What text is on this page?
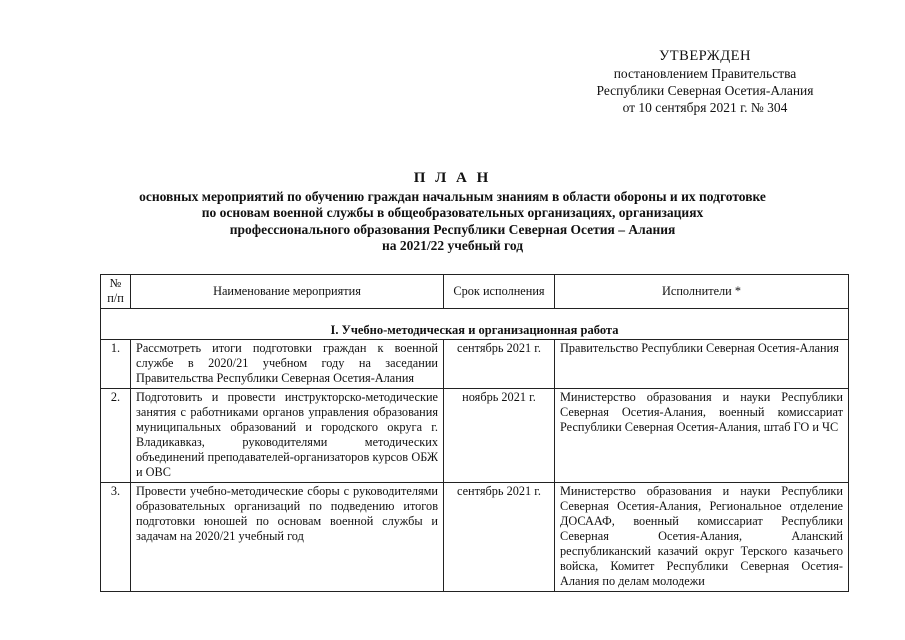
УТВЕРЖДЕН
постановлением Правительства
Республики Северная Осетия-Алания
от 10 сентября 2021 г. № 304
П Л А Н
основных мероприятий по обучению граждан начальным знаниям в области обороны и их подготовке
по основам военной службы в общеобразовательных организациях, организациях
профессионального образования Республики Северная Осетия – Алания
на 2021/22 учебный год
№ п/п	Наименование мероприятия	Срок исполнения	Исполнители *
I. Учебно-методическая и организационная работа			
1.	Рассмотреть итоги подготовки граждан к военной службе в 2020/21 учебном году на заседании Правительства Республики Северная Осетия-Алания	сентябрь 2021 г.	Правительство Республики Северная Осетия-Алания
2.	Подготовить и провести инструкторско-методические занятия с работниками органов управления образования муниципальных образований и городского округа г. Владикавказ, руководителями методических объединений преподавателей-организаторов курсов ОБЖ и ОВС	ноябрь 2021 г.	Министерство образования и науки Республики Северная Осетия-Алания, военный комиссариат Республики Северная Осетия-Алания, штаб ГО и ЧС
3.	Провести учебно-методические сборы с руководителями образовательных организаций по подведению итогов подготовки юношей по основам военной службы и задачам на 2020/21 учебный год	сентябрь 2021 г.	Министерство образования и науки Республики Северная Осетия-Алания, Региональное отделение ДОСААФ, военный комиссариат Республики Северная Осетия-Алания, Аланский республиканский казачий округ Терского казачьего войска, Комитет Республики Северная Осетия-Алания по делам молодежи
